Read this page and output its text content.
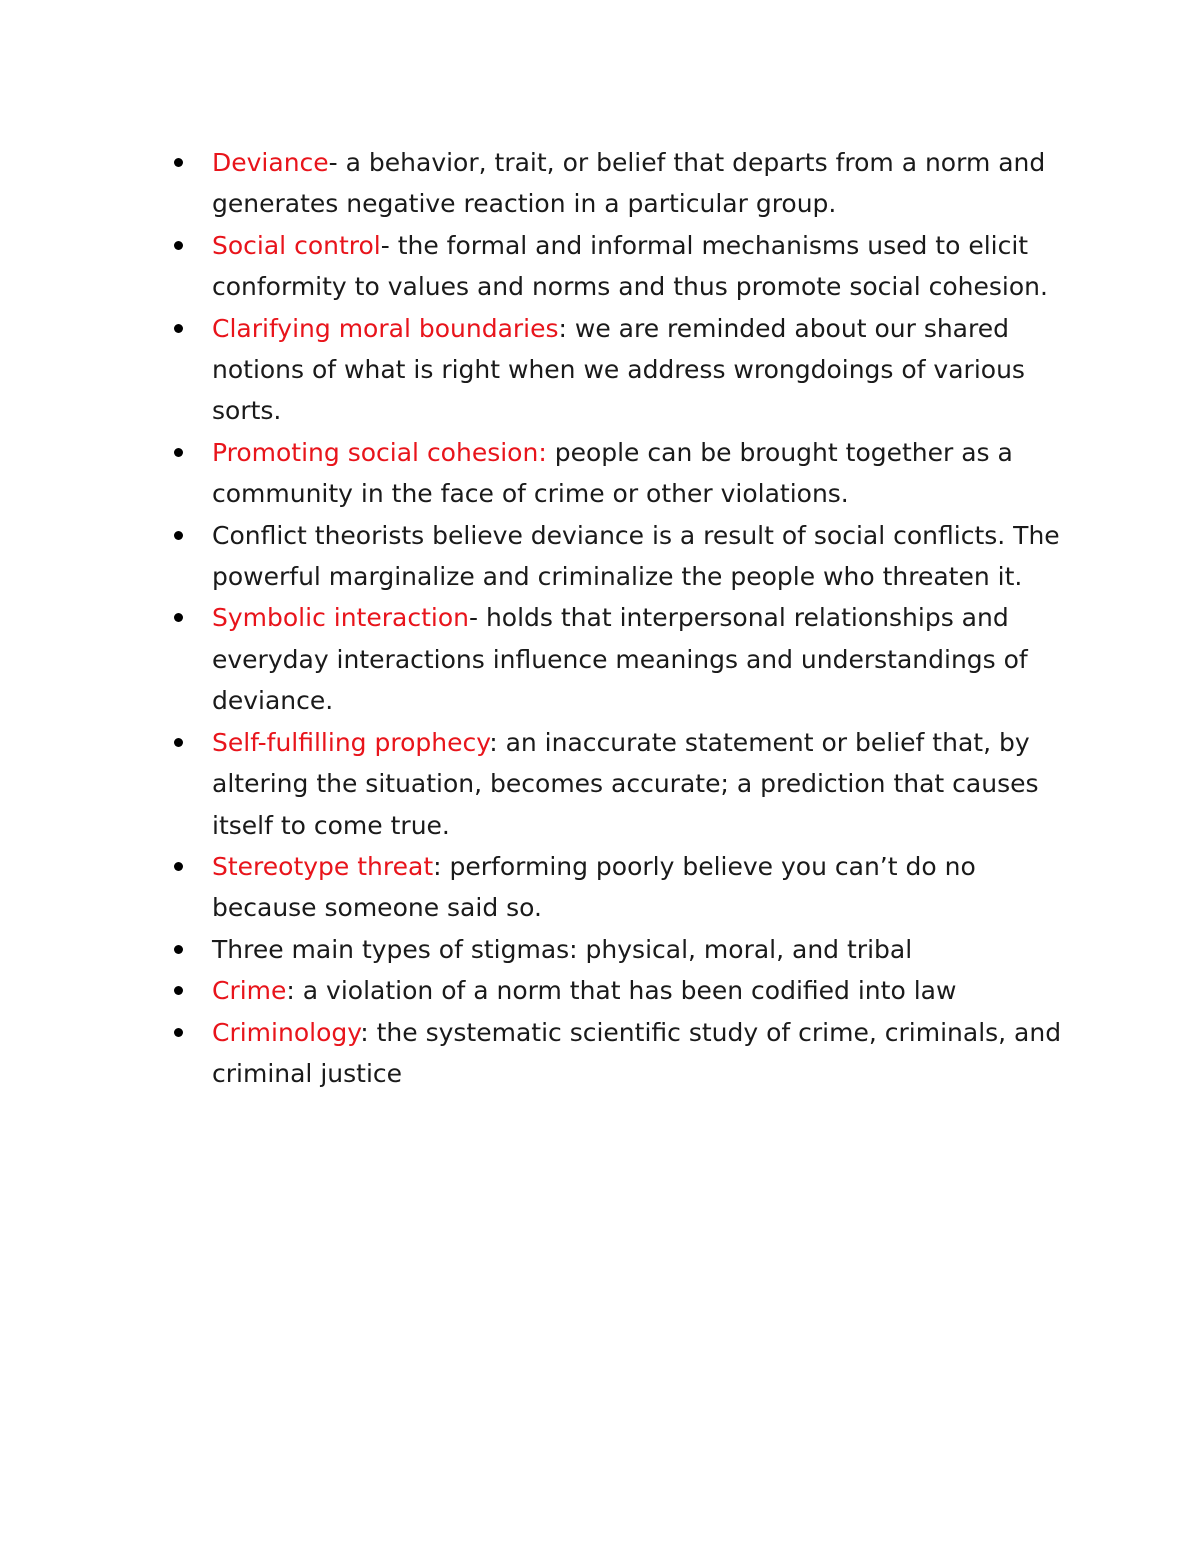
Deviance- a behavior, trait, or belief that departs from a norm and generates negative reaction in a particular group.
Social control- the formal and informal mechanisms used to elicit conformity to values and norms and thus promote social cohesion.
Clarifying moral boundaries: we are reminded about our shared notions of what is right when we address wrongdoings of various sorts.
Promoting social cohesion: people can be brought together as a community in the face of crime or other violations.
Conflict theorists believe deviance is a result of social conflicts. The powerful marginalize and criminalize the people who threaten it.
Symbolic interaction- holds that interpersonal relationships and everyday interactions influence meanings and understandings of deviance.
Self-fulfilling prophecy: an inaccurate statement or belief that, by altering the situation, becomes accurate; a prediction that causes itself to come true.
Stereotype threat: performing poorly believe you can’t do no because someone said so.
Three main types of stigmas: physical, moral, and tribal
Crime: a violation of a norm that has been codified into law
Criminology: the systematic scientific study of crime, criminals, and criminal justice
